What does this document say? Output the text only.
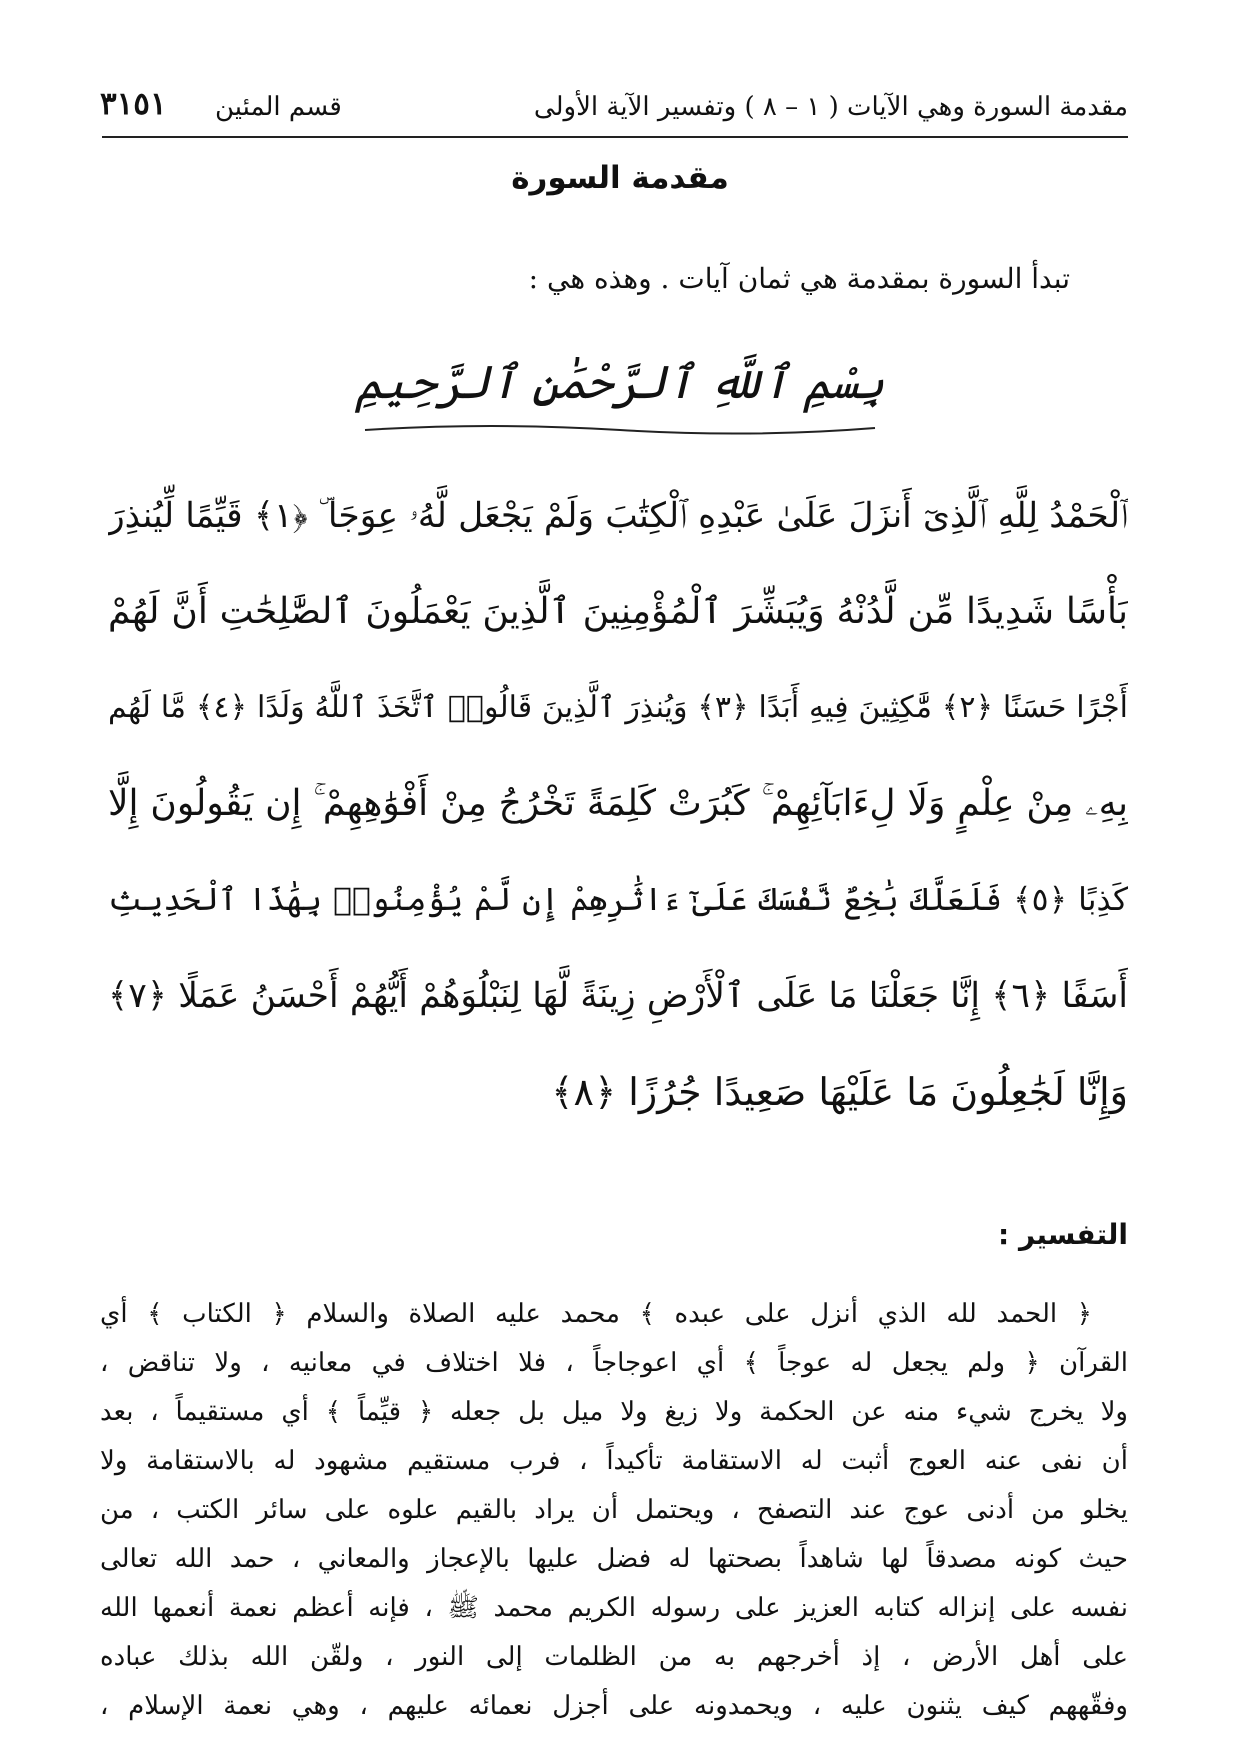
مقدمة السورة وهي الآيات ( ١ – ٨ ) وتفسير الآية الأولى
قسم المئين
٣١٥١
مقدمة السورة
تبدأ السورة بمقدمة هي ثمان آيات . وهذه هي :
بِسْمِ ٱللَّهِ ٱلرَّحْمَٰنِ ٱلرَّحِيمِ
ٱلْحَمْدُ لِلَّهِ ٱلَّذِىٓ أَنزَلَ عَلَىٰ عَبْدِهِ ٱلْكِتَٰبَ وَلَمْ يَجْعَل لَّهُۥ عِوَجَا ۜ ﴿١﴾ قَيِّمًا لِّيُنذِرَ
بَأْسًا شَدِيدًا مِّن لَّدُنْهُ وَيُبَشِّرَ ٱلْمُؤْمِنِينَ ٱلَّذِينَ يَعْمَلُونَ ٱلصَّٰلِحَٰتِ أَنَّ لَهُمْ
أَجْرًا حَسَنًا ﴿٢﴾ مَّٰكِثِينَ فِيهِ أَبَدًا ﴿٣﴾ وَيُنذِرَ ٱلَّذِينَ قَالُوا۟ ٱتَّخَذَ ٱللَّهُ وَلَدًا ﴿٤﴾ مَّا لَهُم
بِهِۦ مِنْ عِلْمٍ وَلَا لِءَابَآئِهِمْ ۚ كَبُرَتْ كَلِمَةً تَخْرُجُ مِنْ أَفْوَٰهِهِمْ ۚ إِن يَقُولُونَ إِلَّا
كَذِبًا ﴿٥﴾ فَلَعَلَّكَ بَٰخِعٌ نَّفْسَكَ عَلَىٰٓ ءَاثَٰرِهِمْ إِن لَّمْ يُؤْمِنُوا۟ بِهَٰذَا ٱلْحَدِيثِ
أَسَفًا ﴿٦﴾ إِنَّا جَعَلْنَا مَا عَلَى ٱلْأَرْضِ زِينَةً لَّهَا لِنَبْلُوَهُمْ أَيُّهُمْ أَحْسَنُ عَمَلًا ﴿٧﴾
وَإِنَّا لَجَٰعِلُونَ مَا عَلَيْهَا صَعِيدًا جُرُزًا ﴿٨﴾
التفسير :
﴿ الحمد لله الذي أنزل على عبده ﴾ محمد عليه الصلاة والسلام ﴿ الكتاب ﴾ أي
القرآن ﴿ ولم يجعل له عوجاً ﴾ أي اعوجاجاً ، فلا اختلاف في معانيه ، ولا تناقض ،
ولا يخرج شيء منه عن الحكمة ولا زيغ ولا ميل بل جعله ﴿ قيِّماً ﴾ أي مستقيماً ، بعد
أن نفى عنه العوج أثبت له الاستقامة تأكيداً ، فرب مستقيم مشهود له بالاستقامة ولا
يخلو من أدنى عوج عند التصفح ، ويحتمل أن يراد بالقيم علوه على سائر الكتب ، من
حيث كونه مصدقاً لها شاهداً بصحتها له فضل عليها بالإعجاز والمعاني ، حمد الله تعالى
نفسه على إنزاله كتابه العزيز على رسوله الكريم محمد ﷺ ، فإنه أعظم نعمة أنعمها الله
على أهل الأرض ، إذ أخرجهم به من الظلمات إلى النور ، ولقّن الله بذلك عباده
وفقّههم كيف يثنون عليه ، ويحمدونه على أجزل نعمائه عليهم ، وهي نعمة الإسلام ،
